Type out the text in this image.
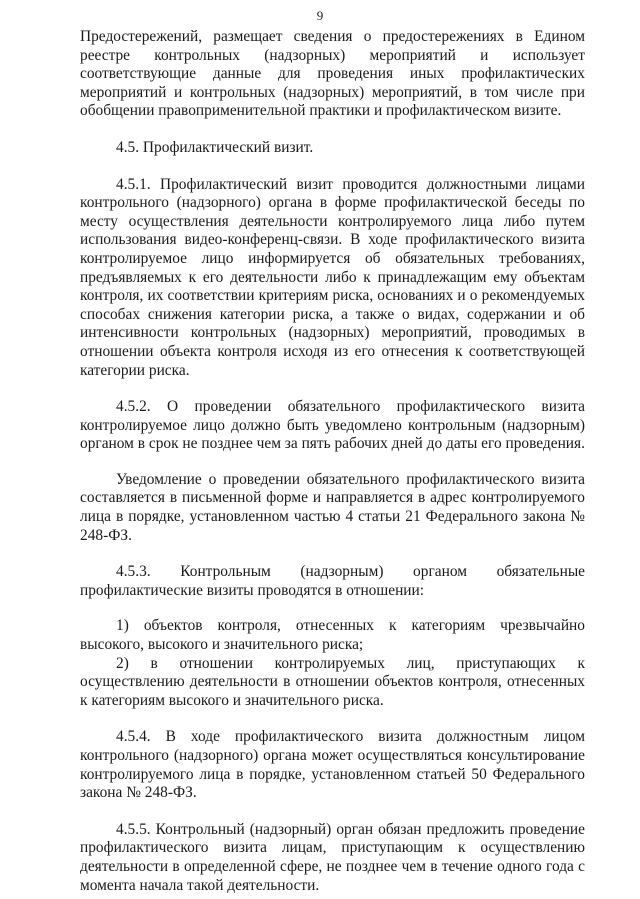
9

Предостережений, размещает сведения о предостережениях в Едином реестре контрольных (надзорных) мероприятий и использует соответствующие данные для проведения иных профилактических мероприятий и контрольных (надзорных) мероприятий, в том числе при обобщении правоприменительной практики и профилактическом визите.

4.5. Профилактический визит.

4.5.1. Профилактический визит проводится должностными лицами контрольного (надзорного) органа в форме профилактической беседы по месту осуществления деятельности контролируемого лица либо путем использования видео-конференц-связи. В ходе профилактического визита контролируемое лицо информируется об обязательных требованиях, предъявляемых к его деятельности либо к принадлежащим ему объектам контроля, их соответствии критериям риска, основаниях и о рекомендуемых способах снижения категории риска, а также о видах, содержании и об интенсивности контрольных (надзорных) мероприятий, проводимых в отношении объекта контроля исходя из его отнесения к соответствующей категории риска.

4.5.2. О проведении обязательного профилактического визита контролируемое лицо должно быть уведомлено контрольным (надзорным) органом в срок не позднее чем за пять рабочих дней до даты его проведения.

Уведомление о проведении обязательного профилактического визита составляется в письменной форме и направляется в адрес контролируемого лица в порядке, установленном частью 4 статьи 21 Федерального закона № 248-ФЗ.

4.5.3. Контрольным (надзорным) органом обязательные профилактические визиты проводятся в отношении:

1) объектов контроля, отнесенных к категориям чрезвычайно высокого, высокого и значительного риска;

2) в отношении контролируемых лиц, приступающих к осуществлению деятельности в отношении объектов контроля, отнесенных к категориям высокого и значительного риска.

4.5.4. В ходе профилактического визита должностным лицом контрольного (надзорного) органа может осуществляться консультирование контролируемого лица в порядке, установленном статьей 50 Федерального закона № 248-ФЗ.

4.5.5. Контрольный (надзорный) орган обязан предложить проведение профилактического визита лицам, приступающим к осуществлению деятельности в определенной сфере, не позднее чем в течение одного года с момента начала такой деятельности.
